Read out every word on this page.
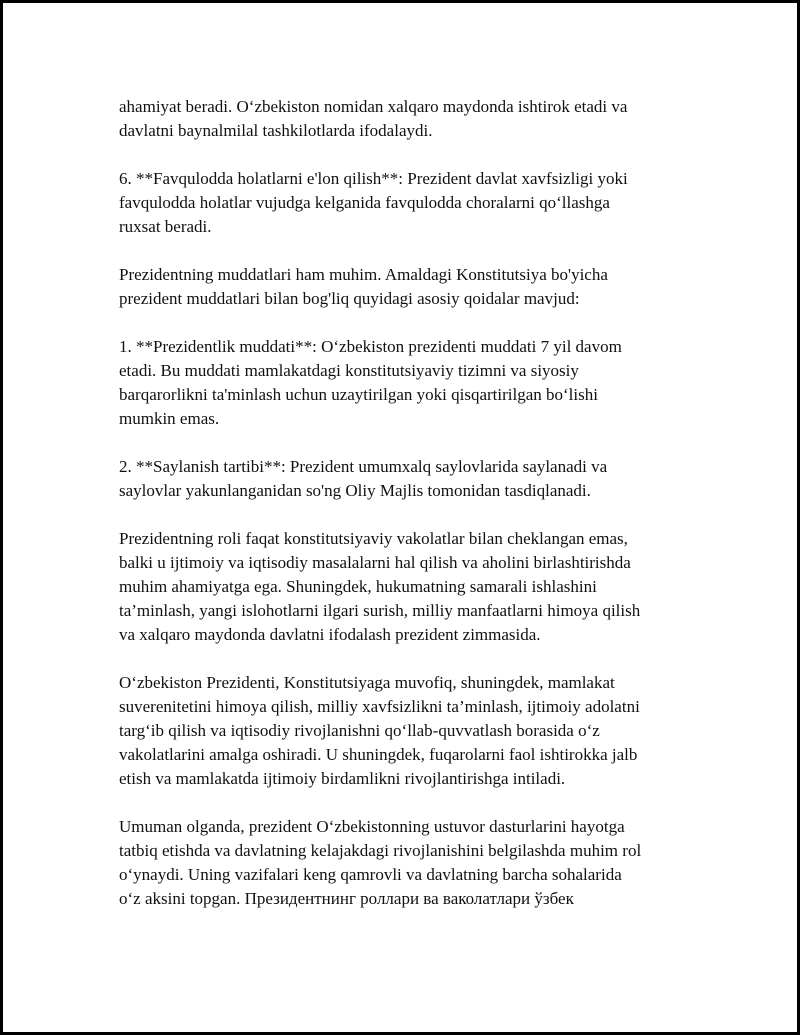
ahamiyat beradi. O‘zbekiston nomidan xalqaro maydonda ishtirok etadi va
davlatni baynalmilal tashkilotlarda ifodalaydi.

6. **Favqulodda holatlarni e'lon qilish**: Prezident davlat xavfsizligi yoki
favqulodda holatlar vujudga kelganida favqulodda choralarni qo‘llashga
ruxsat beradi.

Prezidentning muddatlari ham muhim. Amaldagi Konstitutsiya bo'yicha
prezident muddatlari bilan bog'liq quyidagi asosiy qoidalar mavjud:

1. **Prezidentlik muddati**: O‘zbekiston prezidenti muddati 7 yil davom
etadi. Bu muddati mamlakatdagi konstitutsiyaviy tizimni va siyosiy
barqarorlikni ta'minlash uchun uzaytirilgan yoki qisqartirilgan bo‘lishi
mumkin emas.

2. **Saylanish tartibi**: Prezident umumxalq saylovlarida saylanadi va
saylovlar yakunlanganidan so'ng Oliy Majlis tomonidan tasdiqlanadi.

Prezidentning roli faqat konstitutsiyaviy vakolatlar bilan cheklangan emas,
balki u ijtimoiy va iqtisodiy masalalarni hal qilish va aholini birlashtirishda
muhim ahamiyatga ega. Shuningdek, hukumatning samarali ishlashini
ta’minlash, yangi islohotlarni ilgari surish, milliy manfaatlarni himoya qilish
va xalqaro maydonda davlatni ifodalash prezident zimmasida.

O‘zbekiston Prezidenti, Konstitutsiyaga muvofiq, shuningdek, mamlakat
suverenitetini himoya qilish, milliy xavfsizlikni ta’minlash, ijtimoiy adolatni
targ‘ib qilish va iqtisodiy rivojlanishni qo‘llab-quvvatlash borasida o‘z
vakolatlarini amalga oshiradi. U shuningdek, fuqarolarni faol ishtirokka jalb
etish va mamlakatda ijtimoiy birdamlikni rivojlantirishga intiladi.

Umuman olganda, prezident O‘zbekistonning ustuvor dasturlarini hayotga
tatbiq etishda va davlatning kelajakdagi rivojlanishini belgilashda muhim rol
o‘ynaydi. Uning vazifalari keng qamrovli va davlatning barcha sohalarida
o‘z aksini topgan. Президентнинг роллари ва ваколатлари ўзбек
